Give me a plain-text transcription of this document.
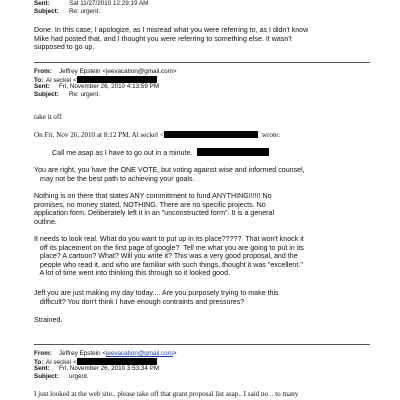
Sent:	Sat 11/27/2010 12:29:19 AM
Subject: Re: urgent.
Done. In this case, I apologize, as I misread what you were referring to, as I didn't know
Mike had posted that, and I thought you were referring to something else. It wasn't
supposed to go up.
From: Jeffrey Epstein <jeevacation@gmail.com>
To: Al seckel <
Sent: Fri, November 26, 2010 4:13:59 PM
Subject: Re: urgent.
take it off
On Fri, Nov 26, 2010 at 8:12 PM, Al seckel <	wrote:
Call me asap as I have to go out in a minute.
You are right, you have the ONE VOTE, but voting against wise and informed counsel,
may not be the best path to achieving your goals.
Nothing is on there that states ANY committment to fund ANYTHING!!!!!! No
promises, no money stated, NOTHING. There are no specific projects. No
application form. Deliberately left it in an "unconstructed form". It is a general
outline.
It needs to look real. What do you want to put up in its place?????  That won't knock it
off its placement on the first page of google?  Tell me what you are going to put in its
place? A cartoon? What? Will you write it? This was a very good proposal, and the
people who read it, and who are familiar with such things, thought it was "excellent."
A lot of time went into thinking this through so it looked good.
Jeff you are just making my day today.... Are you purposely trying to make this
difficult? You don't think I have enough contraints and pressures?
Strained.
From: Jeffrey Epstein <jeevacation@gmail.com>
To: Al seckel <
Sent: Fri, November 26, 2010 3:53:34 PM
Subject: urgent.
I just looked at the web site.. please take off that grant proposal list asap.. I said no .. to many
